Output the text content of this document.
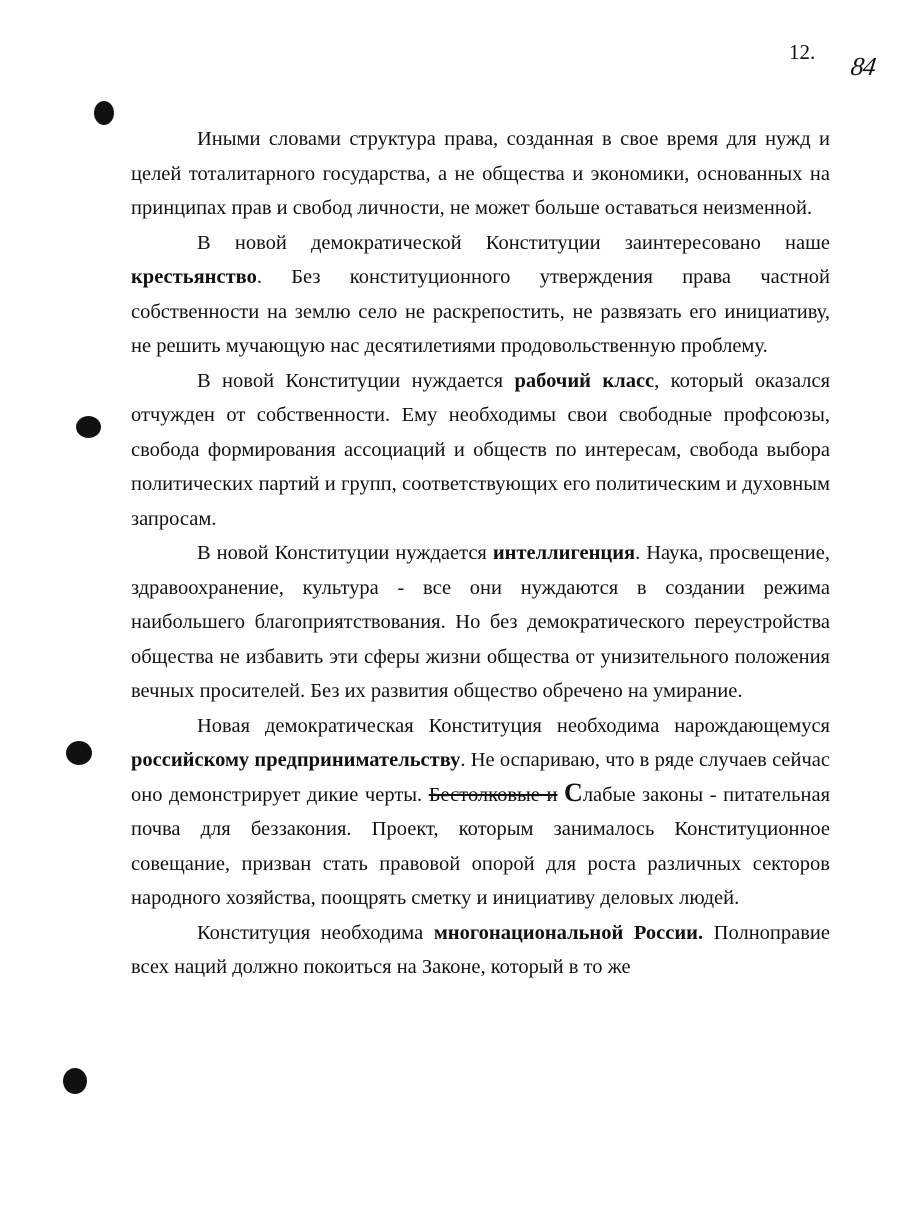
12. 84

Иными словами структура права, созданная в свое время для нужд и целей тоталитарного государства, а не общества и экономики, основанных на принципах прав и свобод личности, не может больше оставаться неизменной.

В новой демократической Конституции заинтересовано наше крестьянство. Без конституционного утверждения права частной собственности на землю село не раскрепостить, не развязать его инициативу, не решить мучающую нас десятилетиями продовольственную проблему.

В новой Конституции нуждается рабочий класс, который оказался отчужден от собственности. Ему необходимы свои свободные профсоюзы, свобода формирования ассоциаций и обществ по интересам, свобода выбора политических партий и групп, соответствующих его политическим и духовным запросам.

В новой Конституции нуждается интеллигенция. Наука, просвещение, здравоохранение, культура - все они нуждаются в создании режима наибольшего благоприятствования. Но без демократического переустройства общества не избавить эти сферы жизни общества от унизительного положения вечных просителей. Без их развития общество обречено на умирание.

Новая демократическая Конституция необходима нарождающемуся российскому предпринимательству. Не оспариваю, что в ряде случаев сейчас оно демонстрирует дикие черты. Бестолковые и Слабые законы - питательная почва для беззакония. Проект, которым занималось Конституционное совещание, призван стать правовой опорой для роста различных секторов народного хозяйства, поощрять сметку и инициативу деловых людей.

Конституция необходима многонациональной России. Полноправие всех наций должно покоиться на Законе, который в то же
